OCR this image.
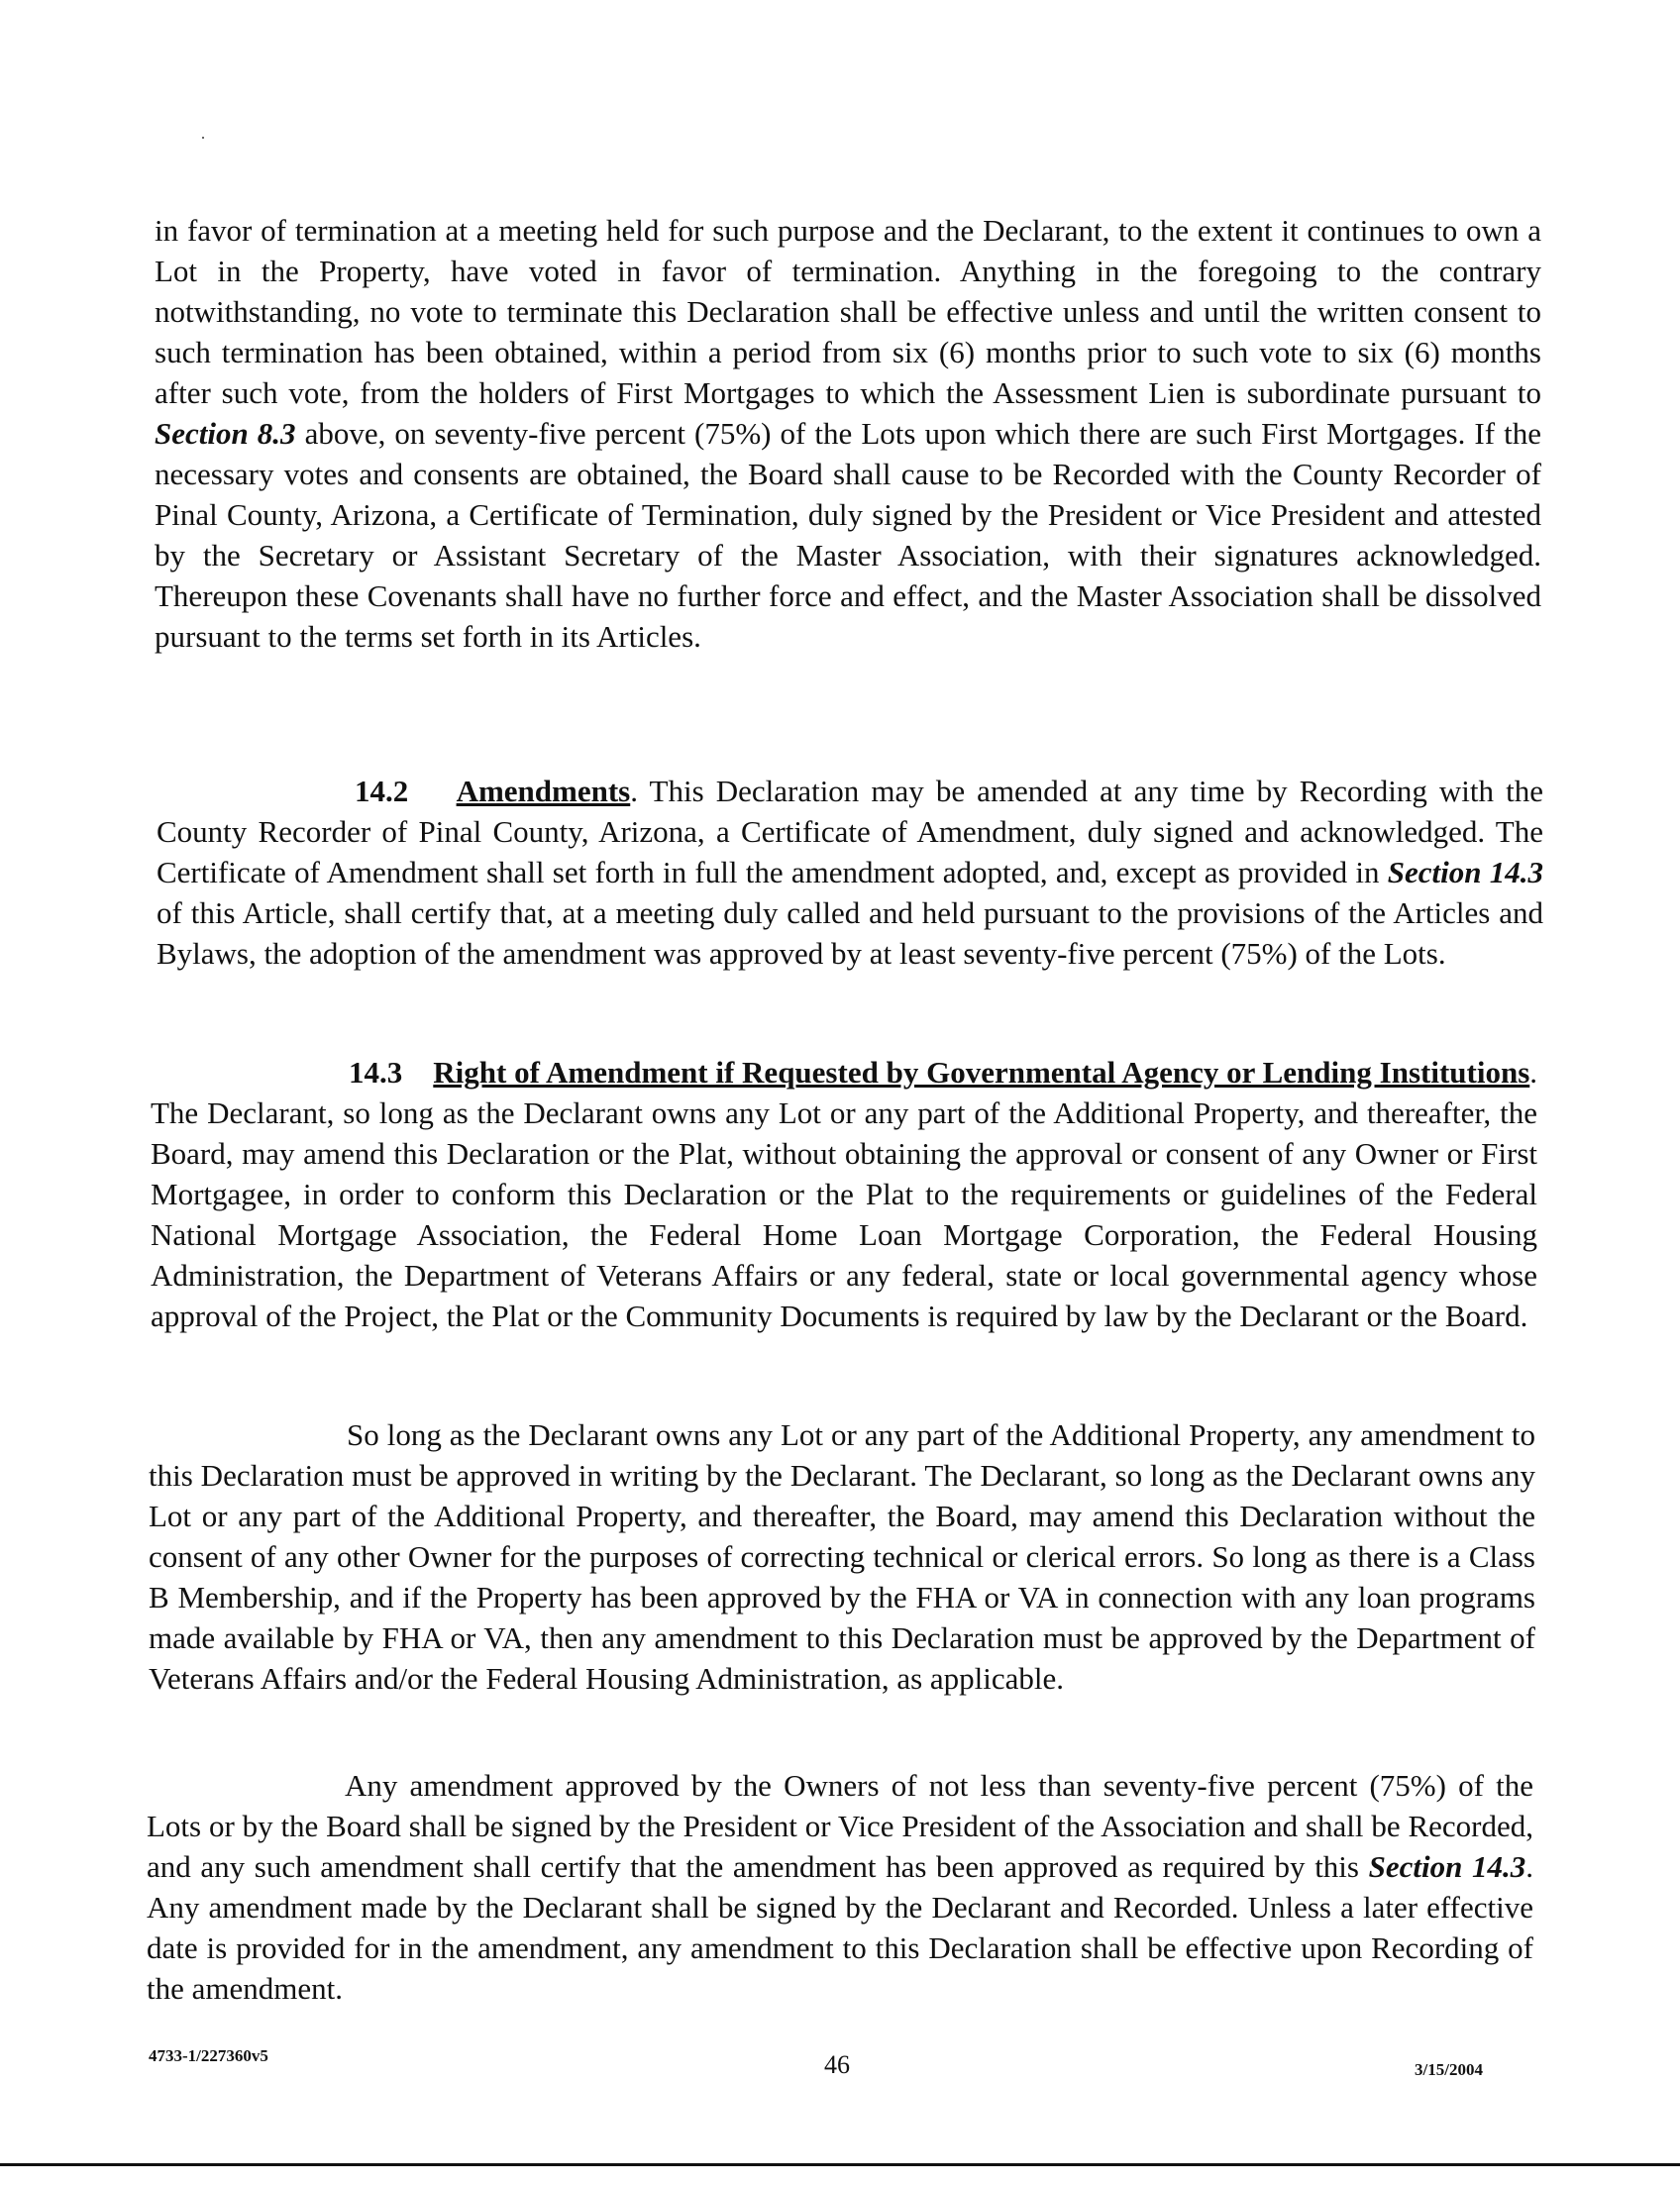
in favor of termination at a meeting held for such purpose and the Declarant, to the extent it continues to own a Lot in the Property, have voted in favor of termination. Anything in the foregoing to the contrary notwithstanding, no vote to terminate this Declaration shall be effective unless and until the written consent to such termination has been obtained, within a period from six (6) months prior to such vote to six (6) months after such vote, from the holders of First Mortgages to which the Assessment Lien is subordinate pursuant to Section 8.3 above, on seventy-five percent (75%) of the Lots upon which there are such First Mortgages. If the necessary votes and consents are obtained, the Board shall cause to be Recorded with the County Recorder of Pinal County, Arizona, a Certificate of Termination, duly signed by the President or Vice President and attested by the Secretary or Assistant Secretary of the Master Association, with their signatures acknowledged. Thereupon these Covenants shall have no further force and effect, and the Master Association shall be dissolved pursuant to the terms set forth in its Articles.

14.2 Amendments. This Declaration may be amended at any time by Recording with the County Recorder of Pinal County, Arizona, a Certificate of Amendment, duly signed and acknowledged. The Certificate of Amendment shall set forth in full the amendment adopted, and, except as provided in Section 14.3 of this Article, shall certify that, at a meeting duly called and held pursuant to the provisions of the Articles and Bylaws, the adoption of the amendment was approved by at least seventy-five percent (75%) of the Lots.

14.3 Right of Amendment if Requested by Governmental Agency or Lending Institutions. The Declarant, so long as the Declarant owns any Lot or any part of the Additional Property, and thereafter, the Board, may amend this Declaration or the Plat, without obtaining the approval or consent of any Owner or First Mortgagee, in order to conform this Declaration or the Plat to the requirements or guidelines of the Federal National Mortgage Association, the Federal Home Loan Mortgage Corporation, the Federal Housing Administration, the Department of Veterans Affairs or any federal, state or local governmental agency whose approval of the Project, the Plat or the Community Documents is required by law by the Declarant or the Board.

So long as the Declarant owns any Lot or any part of the Additional Property, any amendment to this Declaration must be approved in writing by the Declarant. The Declarant, so long as the Declarant owns any Lot or any part of the Additional Property, and thereafter, the Board, may amend this Declaration without the consent of any other Owner for the purposes of correcting technical or clerical errors. So long as there is a Class B Membership, and if the Property has been approved by the FHA or VA in connection with any loan programs made available by FHA or VA, then any amendment to this Declaration must be approved by the Department of Veterans Affairs and/or the Federal Housing Administration, as applicable.

Any amendment approved by the Owners of not less than seventy-five percent (75%) of the Lots or by the Board shall be signed by the President or Vice President of the Association and shall be Recorded, and any such amendment shall certify that the amendment has been approved as required by this Section 14.3. Any amendment made by the Declarant shall be signed by the Declarant and Recorded. Unless a later effective date is provided for in the amendment, any amendment to this Declaration shall be effective upon Recording of the amendment.

4733-1/227360v5	46	3/15/2004
